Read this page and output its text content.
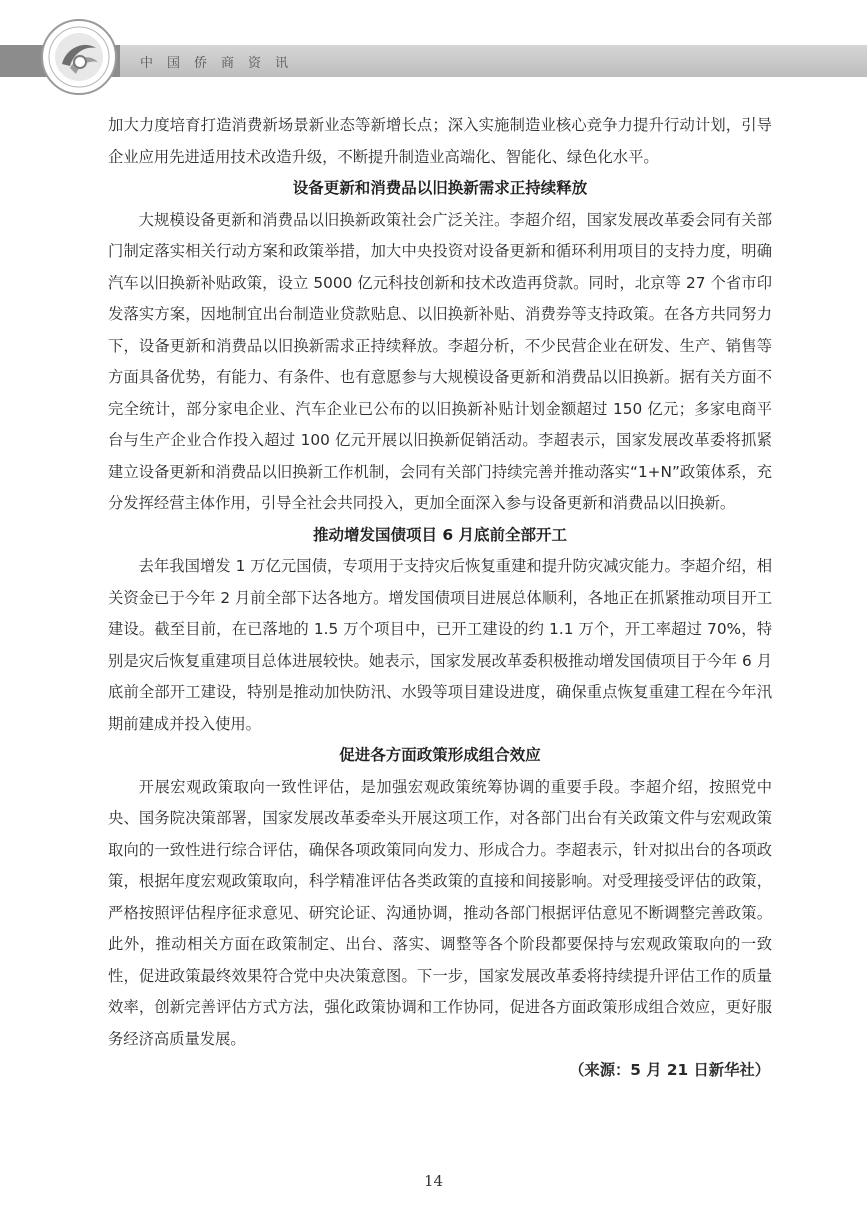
中国侨商资讯

加大力度培育打造消费新场景新业态等新增长点；深入实施制造业核心竞争力提升行动计划，引导企业应用先进适用技术改造升级，不断提升制造业高端化、智能化、绿色化水平。

设备更新和消费品以旧换新需求正持续释放

大规模设备更新和消费品以旧换新政策社会广泛关注。李超介绍，国家发展改革委会同有关部门制定落实相关行动方案和政策举措，加大中央投资对设备更新和循环利用项目的支持力度，明确汽车以旧换新补贴政策，设立 5000 亿元科技创新和技术改造再贷款。同时，北京等 27 个省市印发落实方案，因地制宜出台制造业贷款贴息、以旧换新补贴、消费券等支持政策。在各方共同努力下，设备更新和消费品以旧换新需求正持续释放。李超分析，不少民营企业在研发、生产、销售等方面具备优势，有能力、有条件、也有意愿参与大规模设备更新和消费品以旧换新。据有关方面不完全统计，部分家电企业、汽车企业已公布的以旧换新补贴计划金额超过 150 亿元；多家电商平台与生产企业合作投入超过 100 亿元开展以旧换新促销活动。李超表示，国家发展改革委将抓紧建立设备更新和消费品以旧换新工作机制，会同有关部门持续完善并推动落实“1+N”政策体系，充分发挥经营主体作用，引导全社会共同投入，更加全面深入参与设备更新和消费品以旧换新。

推动增发国债项目 6 月底前全部开工

去年我国增发 1 万亿元国债，专项用于支持灾后恢复重建和提升防灾减灾能力。李超介绍，相关资金已于今年 2 月前全部下达各地方。增发国债项目进展总体顺利，各地正在抓紧推动项目开工建设。截至目前，在已落地的 1.5 万个项目中，已开工建设的约 1.1 万个，开工率超过 70%，特别是灾后恢复重建项目总体进展较快。她表示，国家发展改革委积极推动增发国债项目于今年 6 月底前全部开工建设，特别是推动加快防汛、水毁等项目建设进度，确保重点恢复重建工程在今年汛期前建成并投入使用。

促进各方面政策形成组合效应

开展宏观政策取向一致性评估，是加强宏观政策统筹协调的重要手段。李超介绍，按照党中央、国务院决策部署，国家发展改革委牵头开展这项工作，对各部门出台有关政策文件与宏观政策取向的一致性进行综合评估，确保各项政策同向发力、形成合力。李超表示，针对拟出台的各项政策，根据年度宏观政策取向，科学精准评估各类政策的直接和间接影响。对受理接受评估的政策，严格按照评估程序征求意见、研究论证、沟通协调，推动各部门根据评估意见不断调整完善政策。此外，推动相关方面在政策制定、出台、落实、调整等各个阶段都要保持与宏观政策取向的一致性，促进政策最终效果符合党中央决策意图。下一步，国家发展改革委将持续提升评估工作的质量效率，创新完善评估方式方法，强化政策协调和工作协同，促进各方面政策形成组合效应，更好服务经济高质量发展。

（来源：5 月 21 日新华社）

14
